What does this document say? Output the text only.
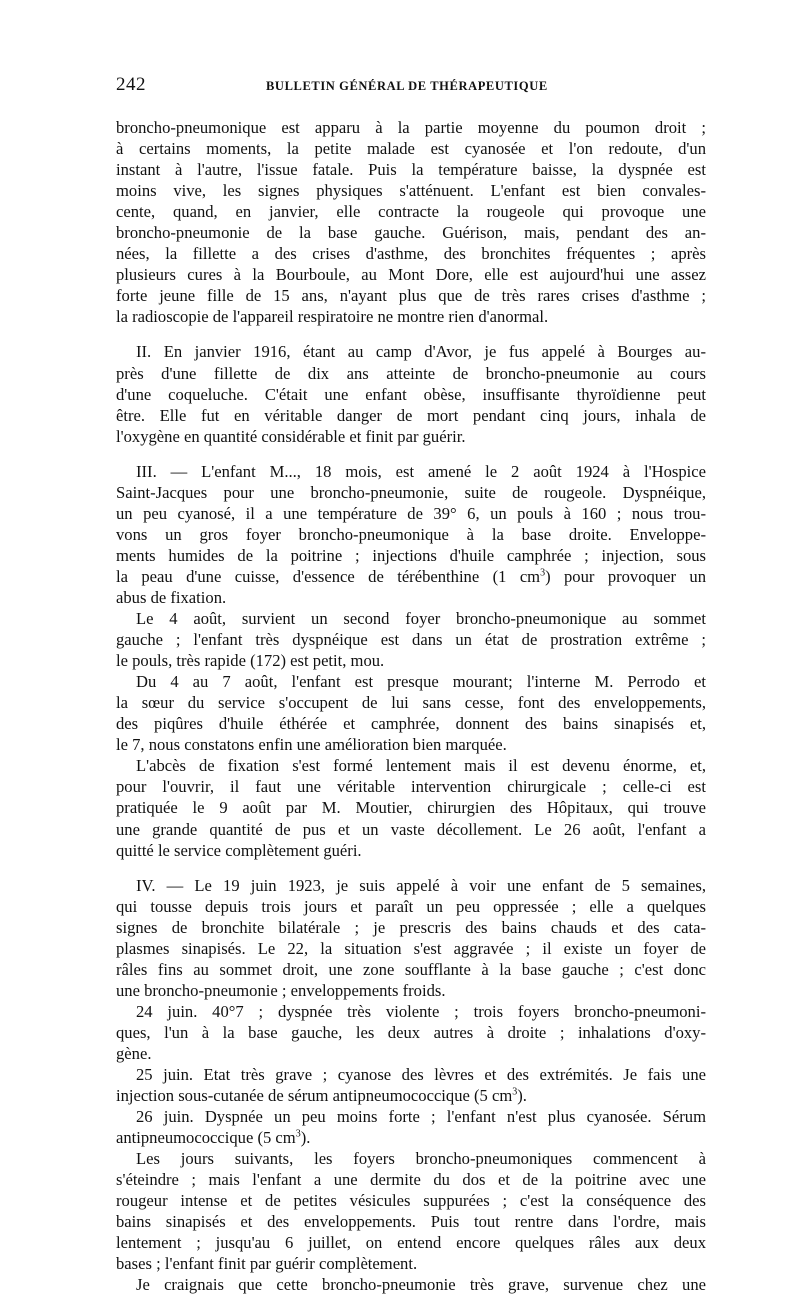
242	BULLETIN GÉNÉRAL DE THÉRAPEUTIQUE
broncho-pneumonique est apparu à la partie moyenne du poumon droit ;
à certains moments, la petite malade est cyanosée et l'on redoute, d'un
instant à l'autre, l'issue fatale. Puis la température baisse, la dyspnée est
moins vive, les signes physiques s'atténuent. L'enfant est bien convales-
cente, quand, en janvier, elle contracte la rougeole qui provoque une
broncho-pneumonie de la base gauche. Guérison, mais, pendant des an-
nées, la fillette a des crises d'asthme, des bronchites fréquentes ; après
plusieurs cures à la Bourboule, au Mont Dore, elle est aujourd'hui une assez
forte jeune fille de 15 ans, n'ayant plus que de très rares crises d'asthme ;
la radioscopie de l'appareil respiratoire ne montre rien d'anormal.
II. En janvier 1916, étant au camp d'Avor, je fus appelé à Bourges au-
près d'une fillette de dix ans atteinte de broncho-pneumonie au cours
d'une coqueluche. C'était une enfant obèse, insuffisante thyroïdienne peut
être. Elle fut en véritable danger de mort pendant cinq jours, inhala de
l'oxygène en quantité considérable et finit par guérir.
III. — L'enfant M..., 18 mois, est amené le 2 août 1924 à l'Hospice
Saint-Jacques pour une broncho-pneumonie, suite de rougeole. Dyspnéique,
un peu cyanosé, il a une température de 39° 6, un pouls à 160 ; nous trou-
vons un gros foyer broncho-pneumonique à la base droite. Enveloppe-
ments humides de la poitrine ; injections d'huile camphrée ; injection, sous
la peau d'une cuisse, d'essence de térébenthine (1 $cm^3$) pour provoquer un
abus de fixation.
Le 4 août, survient un second foyer broncho-pneumonique au sommet
gauche ; l'enfant très dyspnéique est dans un état de prostration extrême ;
le pouls, très rapide (172) est petit, mou.
Du 4 au 7 août, l'enfant est presque mourant; l'interne M. Perrodo et
la sœur du service s'occupent de lui sans cesse, font des enveloppements,
des piqûres d'huile éthérée et camphrée, donnent des bains sinapisés et,
le 7, nous constatons enfin une amélioration bien marquée.
L'abcès de fixation s'est formé lentement mais il est devenu énorme, et,
pour l'ouvrir, il faut une véritable intervention chirurgicale ; celle-ci est
pratiquée le 9 août par M. Moutier, chirurgien des Hôpitaux, qui trouve
une grande quantité de pus et un vaste décollement. Le 26 août, l'enfant a
quitté le service complètement guéri.
IV. — Le 19 juin 1923, je suis appelé à voir une enfant de 5 semaines,
qui tousse depuis trois jours et paraît un peu oppressée ; elle a quelques
signes de bronchite bilatérale ; je prescris des bains chauds et des cata-
plasmes sinapisés. Le 22, la situation s'est aggravée ; il existe un foyer de
râles fins au sommet droit, une zone soufflante à la base gauche ; c'est donc
une broncho-pneumonie ; enveloppements froids.
24 juin. 40°7 ; dyspnée très violente ; trois foyers broncho-pneumoni-
ques, l'un à la base gauche, les deux autres à droite ; inhalations d'oxy-
gène.
25 juin. Etat très grave ; cyanose des lèvres et des extrémités. Je fais une
injection sous-cutanée de sérum antipneumococcique (5 $cm^3$).
26 juin. Dyspnée un peu moins forte ; l'enfant n'est plus cyanosée. Sérum
antipneumococcique (5 $cm^3$).
Les jours suivants, les foyers broncho-pneumoniques commencent à
s'éteindre ; mais l'enfant a une dermite du dos et de la poitrine avec une
rougeur intense et de petites vésicules suppurées ; c'est la conséquence des
bains sinapisés et des enveloppements. Puis tout rentre dans l'ordre, mais
lentement ; jusqu'au 6 juillet, on entend encore quelques râles aux deux
bases ; l'enfant finit par guérir complètement.
Je craignais que cette broncho-pneumonie très grave, survenue chez une
